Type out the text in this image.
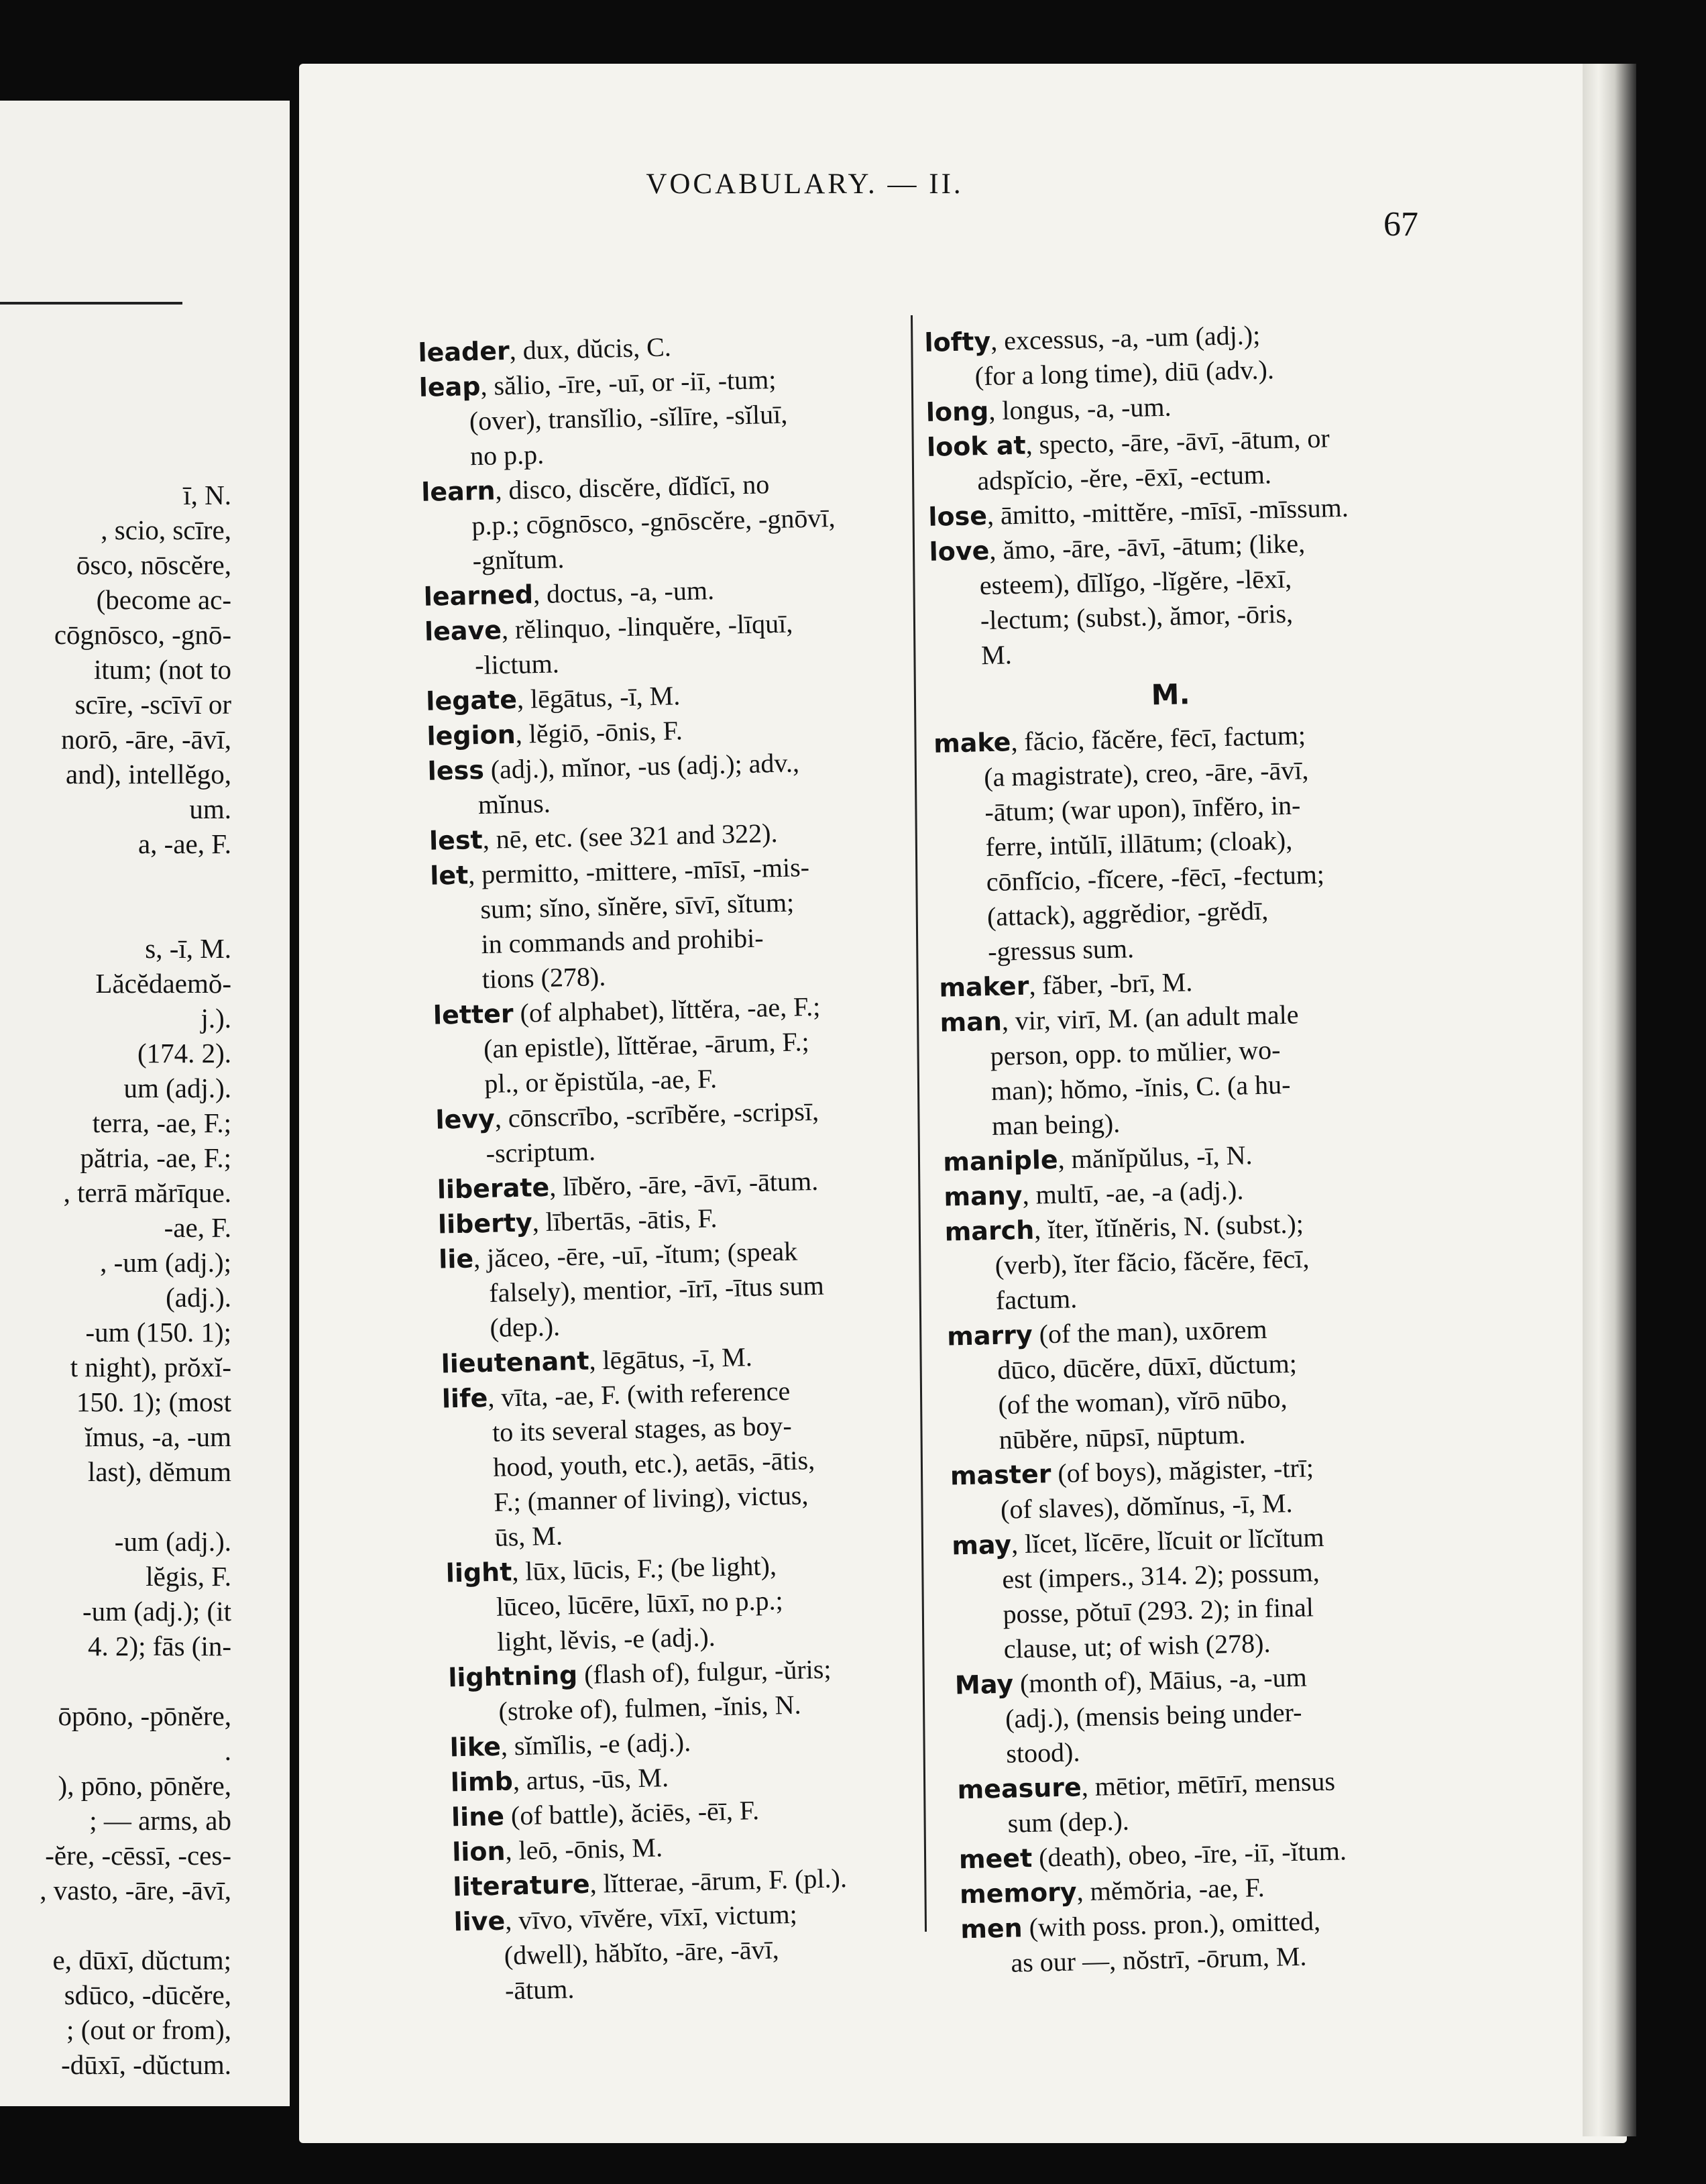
ī, N.
, scio, scīre,
ōsco, nōscĕre,
(become ac-
cōgnōsco, -gnō-
itum; (not to
scīre, -scīvī or
norō, -āre, -āvī,
and), intellĕgo,
um.
a, -ae, F.
s, -ī, M.
Lăcĕdaemŏ-
j.).
(174. 2).
um (adj.).
terra, -ae, F.;
pătria, -ae, F.;
, terrā mărīque.
-ae, F.
, -um (adj.);
(adj.).
-um (150. 1);
t night), prŏxĭ-
150. 1); (most
ĭmus, -a, -um
last), dĕmum
-um (adj.).
lĕgis, F.
-um (adj.); (it
4. 2); fās (in-
ōpōno, -pōnĕre,
.
), pōno, pōnĕre,
; — arms, ab
-ĕre, -cēssī, -ces-
, vasto, -āre, -āvī,
e, dūxī, dŭctum;
sdūco, -dūcĕre,
; (out or from),
-dūxī, -dŭctum.
VOCABULARY. — II.
67
leader, dux, dŭcis, C.
leap, sălio, -īre, -uī, or -iī, -tum;
(over), transĭlio, -sĭlīre, -sĭluī,
no p.p.
learn, disco, discĕre, dĭdĭcī, no
p.p.; cōgnōsco, -gnōscĕre, -gnōvī,
-gnĭtum.
learned, doctus, -a, -um.
leave, rĕlinquo, -linquĕre, -līquī,
-lictum.
legate, lēgātus, -ī, M.
legion, lĕgiō, -ōnis, F.
less (adj.), mĭnor, -us (adj.); adv.,
mĭnus.
lest, nē, etc. (see 321 and 322).
let, permitto, -mittere, -mīsī, -mis-
sum; sĭno, sĭnĕre, sīvī, sĭtum;
in commands and prohibi-
tions (278).
letter (of alphabet), lĭttĕra, -ae, F.;
(an epistle), lĭttĕrae, -ārum, F.;
pl., or ĕpistŭla, -ae, F.
levy, cōnscrībo, -scrībĕre, -scripsī,
-scriptum.
liberate, lībĕro, -āre, -āvī, -ātum.
liberty, lībertās, -ātis, F.
lie, jăceo, -ēre, -uī, -ĭtum; (speak
falsely), mentior, -īrī, -ītus sum
(dep.).
lieutenant, lēgātus, -ī, M.
life, vīta, -ae, F. (with reference
to its several stages, as boy-
hood, youth, etc.), aetās, -ātis,
F.; (manner of living), victus,
ūs, M.
light, lūx, lūcis, F.; (be light),
lūceo, lūcēre, lūxī, no p.p.;
light, lĕvis, -e (adj.).
lightning (flash of), fulgur, -ŭris;
(stroke of), fulmen, -ĭnis, N.
like, sĭmĭlis, -e (adj.).
limb, artus, -ūs, M.
line (of battle), ăciēs, -ēī, F.
lion, leō, -ōnis, M.
literature, lĭtterae, -ārum, F. (pl.).
live, vīvo, vīvĕre, vīxī, victum;
(dwell), hăbĭto, -āre, -āvī,
-ātum.
lofty, excessus, -a, -um (adj.);
(for a long time), diū (adv.).
long, longus, -a, -um.
look at, specto, -āre, -āvī, -ātum, or
adspĭcio, -ĕre, -ēxī, -ectum.
lose, āmitto, -mittĕre, -mīsī, -mīssum.
love, ămo, -āre, -āvī, -ātum; (like,
esteem), dīlĭgo, -lĭgĕre, -lēxī,
-lectum; (subst.), ămor, -ōris,
M.
M.
make, făcio, făcĕre, fēcī, factum;
(a magistrate), creo, -āre, -āvī,
-ātum; (war upon), īnfĕro, in-
ferre, intŭlī, illātum; (cloak),
cōnfĭcio, -fĭcere, -fēcī, -fectum;
(attack), aggrĕdior, -grĕdī,
-gressus sum.
maker, făber, -brī, M.
man, vir, virī, M. (an adult male
person, opp. to mŭlier, wo-
man); hŏmo, -ĭnis, C. (a hu-
man being).
maniple, mănĭpŭlus, -ī, N.
many, multī, -ae, -a (adj.).
march, ĭter, ĭtĭnĕris, N. (subst.);
(verb), ĭter făcio, făcĕre, fēcī,
factum.
marry (of the man), uxōrem
dūco, dūcĕre, dūxī, dŭctum;
(of the woman), vĭrō nūbo,
nūbĕre, nūpsī, nūptum.
master (of boys), măgister, -trī;
(of slaves), dŏmĭnus, -ī, M.
may, lĭcet, lĭcēre, lĭcuit or lĭcĭtum
est (impers., 314. 2); possum,
posse, pŏtuī (293. 2); in final
clause, ut; of wish (278).
May (month of), Māius, -a, -um
(adj.), (mensis being under-
stood).
measure, mētior, mētīrī, mensus
sum (dep.).
meet (death), obeo, -īre, -iī, -ĭtum.
memory, mĕmŏria, -ae, F.
men (with poss. pron.), omitted,
as our —, nŏstrī, -ōrum, M.
